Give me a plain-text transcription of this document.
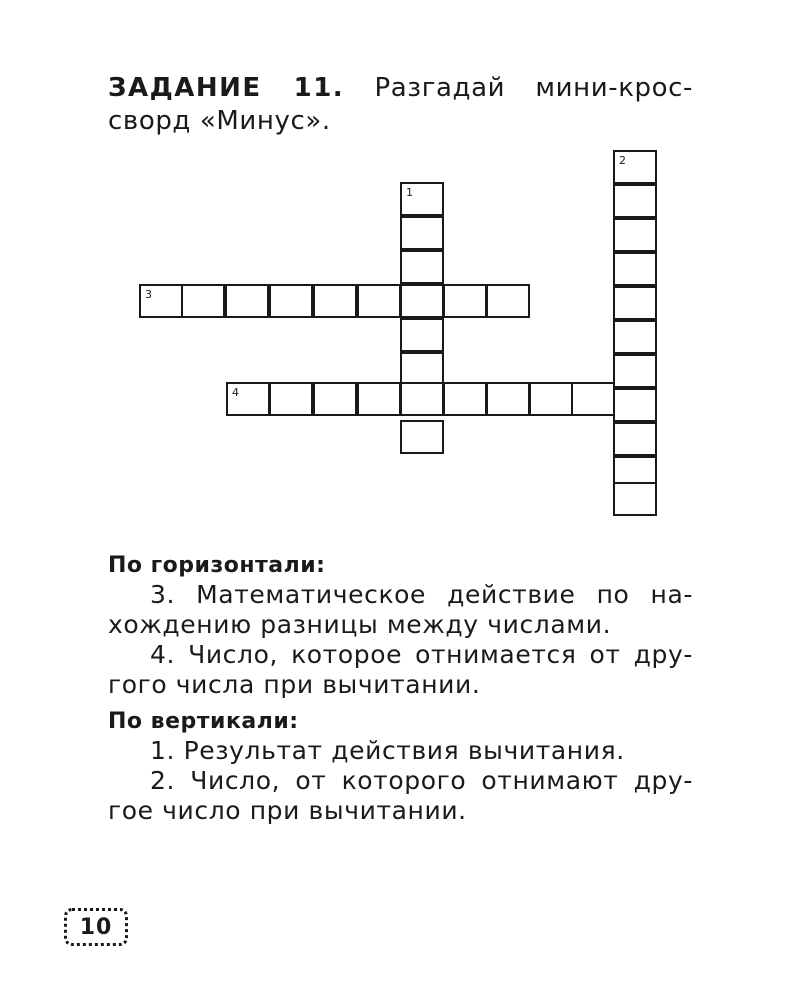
ЗАДАНИЕ 11. Разгадай мини-крос-сворд «Минус».

1
2
3
4

По горизонтали:

3. Математическое действие по на-хождению разницы между числами.

4. Число, которое отнимается от дру-гого числа при вычитании.

По вертикали:

1. Результат действия вычитания.

2. Число, от которого отнимают дру-гое число при вычитании.

10
